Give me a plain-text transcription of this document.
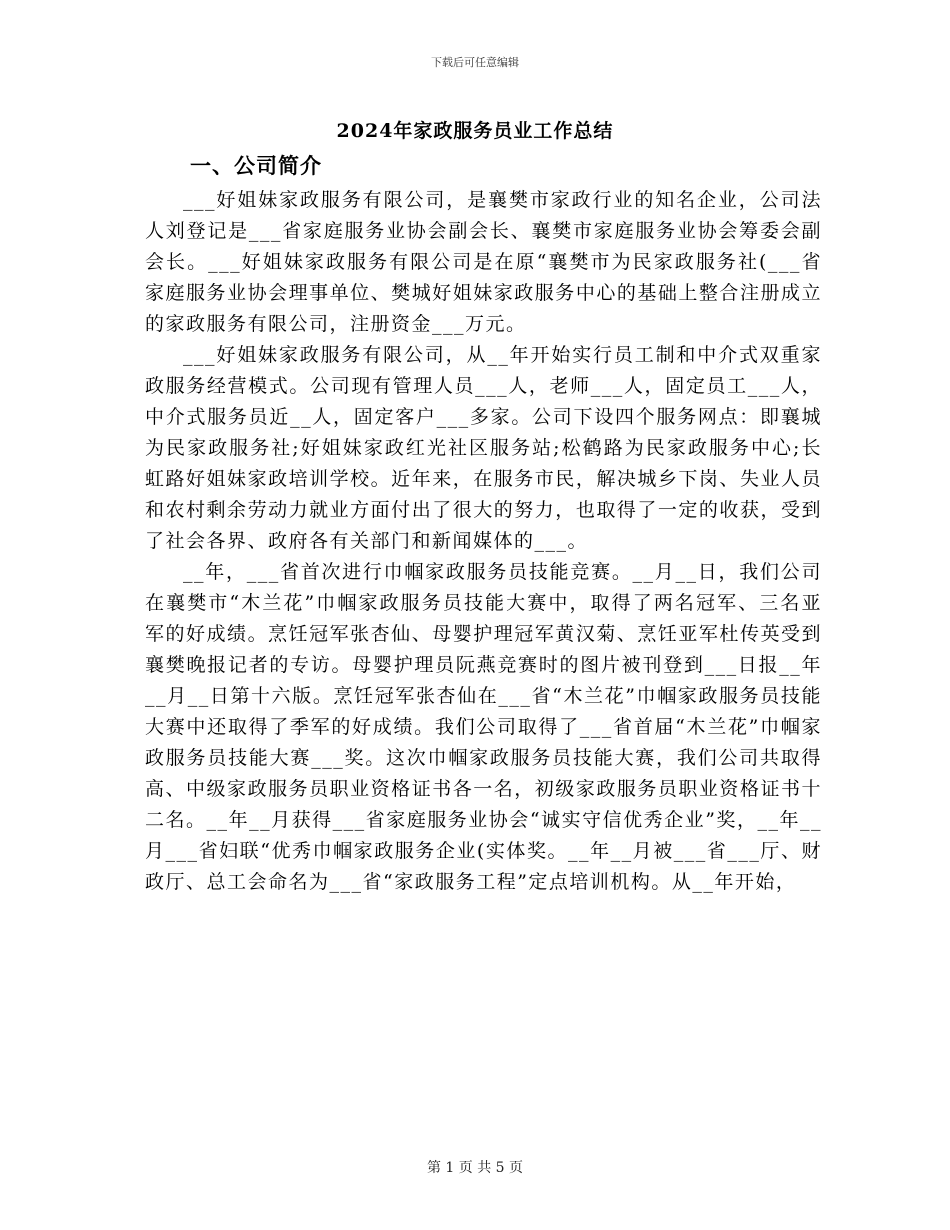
下载后可任意编辑
2024年家政服务员业工作总结
一、公司简介

___好姐妹家政服务有限公司，是襄樊市家政行业的知名企业，公司法人刘登记是___省家庭服务业协会副会长、襄樊市家庭服务业协会筹委会副会长。___好姐妹家政服务有限公司是在原“襄樊市为民家政服务社(___省家庭服务业协会理事单位、樊城好姐妹家政服务中心的基础上整合注册成立的家政服务有限公司，注册资金___万元。

___好姐妹家政服务有限公司，从__年开始实行员工制和中介式双重家政服务经营模式。公司现有管理人员___人，老师___人，固定员工___人，中介式服务员近__人，固定客户___多家。公司下设四个服务网点：即襄城为民家政服务社;好姐妹家政红光社区服务站;松鹤路为民家政服务中心;长虹路好姐妹家政培训学校。近年来，在服务市民，解决城乡下岗、失业人员和农村剩余劳动力就业方面付出了很大的努力，也取得了一定的收获，受到了社会各界、政府各有关部门和新闻媒体的___。

__年，___省首次进行巾帼家政服务员技能竞赛。__月__日，我们公司在襄樊市“木兰花”巾帼家政服务员技能大赛中，取得了两名冠军、三名亚军的好成绩。烹饪冠军张杏仙、母婴护理冠军黄汉菊、烹饪亚军杜传英受到襄樊晚报记者的专访。母婴护理员阮燕竞赛时的图片被刊登到___日报__年__月__日第十六版。烹饪冠军张杏仙在___省“木兰花”巾帼家政服务员技能大赛中还取得了季军的好成绩。我们公司取得了___省首届“木兰花”巾帼家政服务员技能大赛___奖。这次巾帼家政服务员技能大赛，我们公司共取得高、中级家政服务员职业资格证书各一名，初级家政服务员职业资格证书十二名。__年__月获得___省家庭服务业协会“诚实守信优秀企业”奖，__年__月___省妇联“优秀巾帼家政服务企业(实体奖。__年__月被___省___厅、财政厅、总工会命名为___省“家政服务工程”定点培训机构。从__年开始，

第 1 页 共 5 页
